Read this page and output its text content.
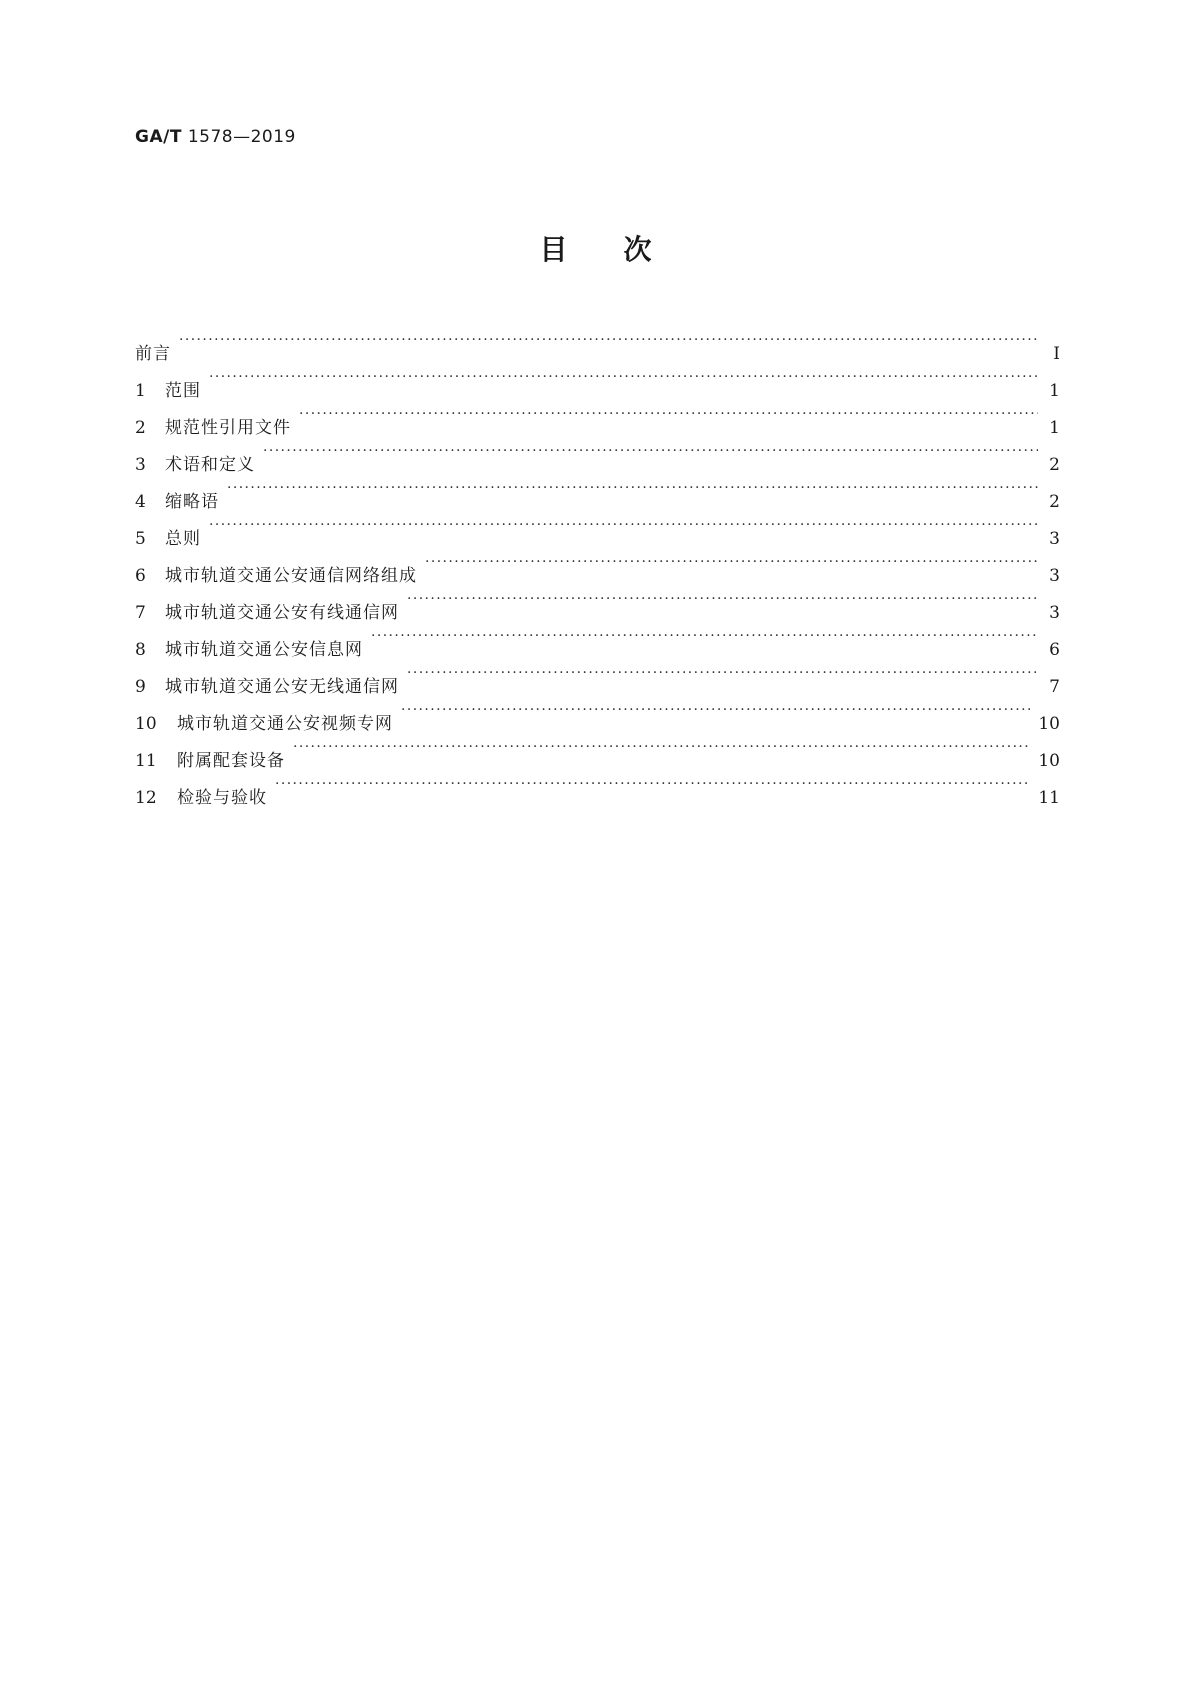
GA/T 1578—2019
目次
前言 ·····	Ⅰ
1	范围 ·····	1
2	规范性引用文件 ·····	1
3	术语和定义 ·····	2
4	缩略语 ·····	2
5	总则 ·····	3
6	城市轨道交通公安通信网络组成 ·····	3
7	城市轨道交通公安有线通信网 ·····	3
8	城市轨道交通公安信息网 ·····	6
9	城市轨道交通公安无线通信网 ·····	7
10	城市轨道交通公安视频专网 ·····	10
11	附属配套设备 ·····	10
12	检验与验收 ·····	11
